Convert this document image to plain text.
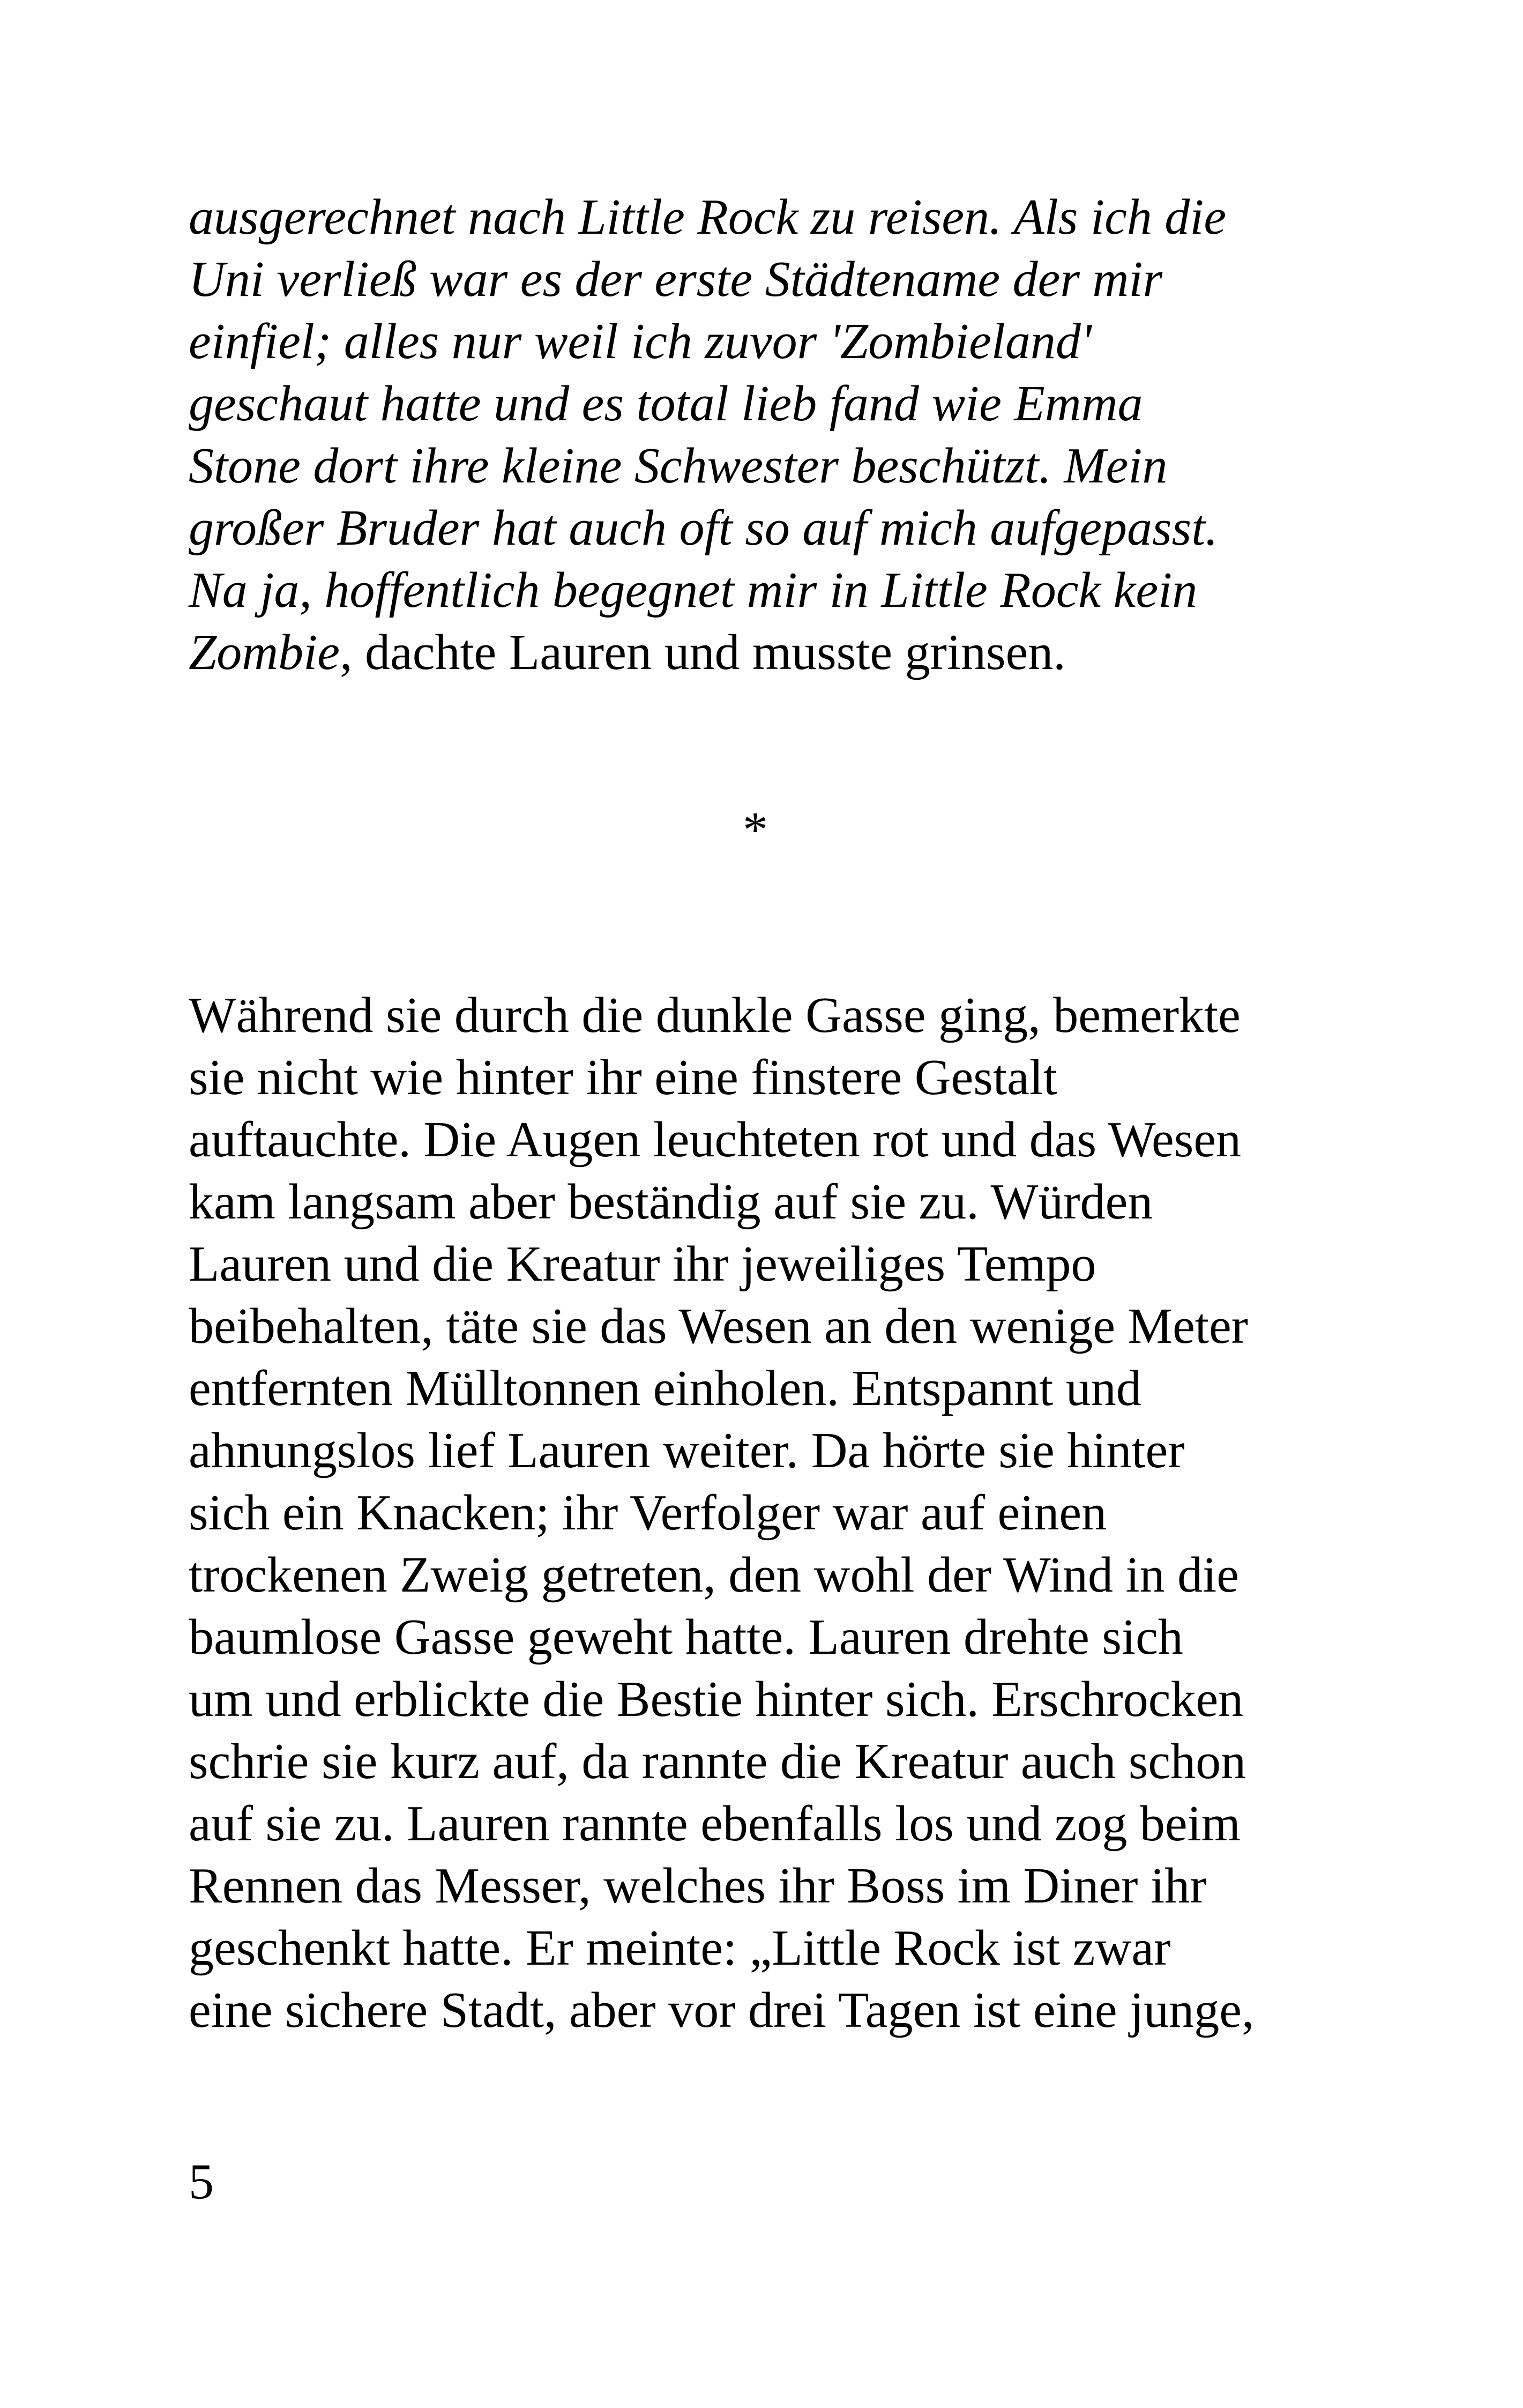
ausgerechnet nach Little Rock zu reisen. Als ich die
Uni verließ war es der erste Städtename der mir
einfiel; alles nur weil ich zuvor 'Zombieland'
geschaut hatte und es total lieb fand wie Emma
Stone dort ihre kleine Schwester beschützt. Mein
großer Bruder hat auch oft so auf mich aufgepasst.
Na ja, hoffentlich begegnet mir in Little Rock kein
Zombie, dachte Lauren und musste grinsen.

*

Während sie durch die dunkle Gasse ging, bemerkte
sie nicht wie hinter ihr eine finstere Gestalt
auftauchte. Die Augen leuchteten rot und das Wesen
kam langsam aber beständig auf sie zu. Würden
Lauren und die Kreatur ihr jeweiliges Tempo
beibehalten, täte sie das Wesen an den wenige Meter
entfernten Mülltonnen einholen. Entspannt und
ahnungslos lief Lauren weiter. Da hörte sie hinter
sich ein Knacken; ihr Verfolger war auf einen
trockenen Zweig getreten, den wohl der Wind in die
baumlose Gasse geweht hatte. Lauren drehte sich
um und erblickte die Bestie hinter sich. Erschrocken
schrie sie kurz auf, da rannte die Kreatur auch schon
auf sie zu. Lauren rannte ebenfalls los und zog beim
Rennen das Messer, welches ihr Boss im Diner ihr
geschenkt hatte. Er meinte: „Little Rock ist zwar
eine sichere Stadt, aber vor drei Tagen ist eine junge,

5
